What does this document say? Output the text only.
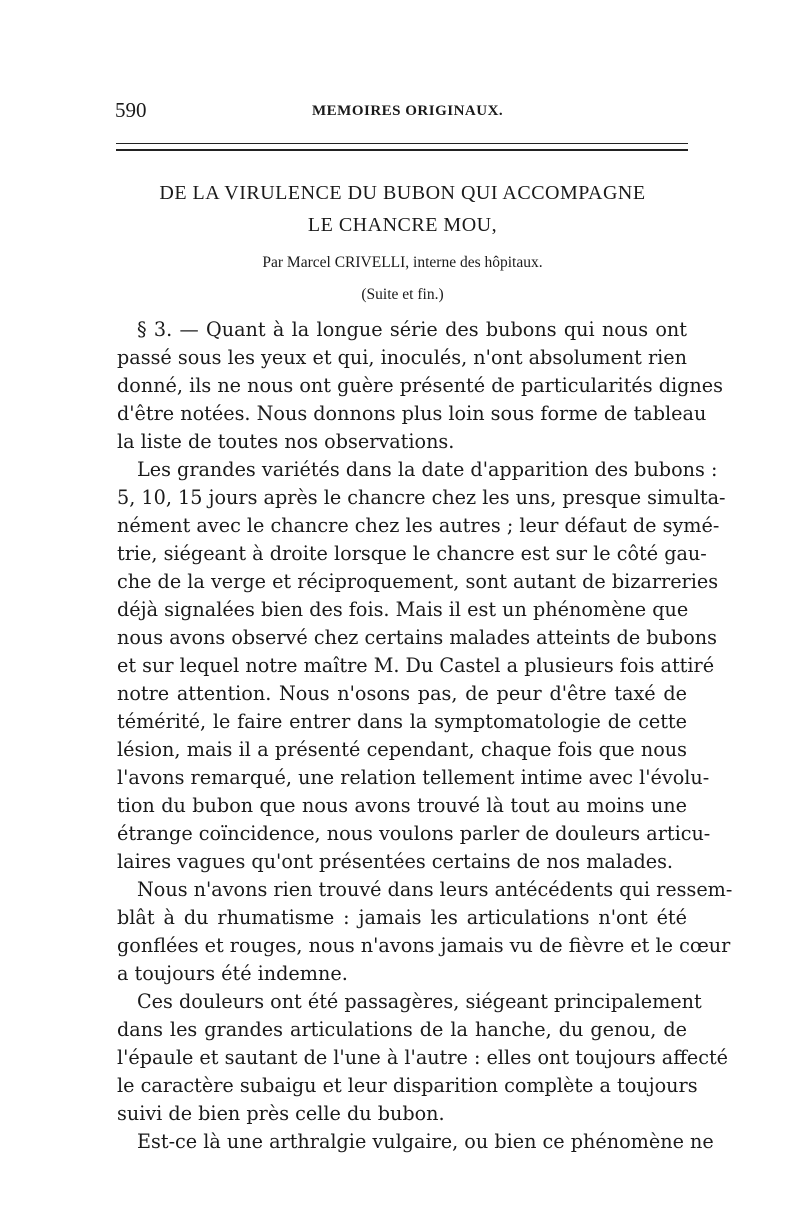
590	MEMOIRES ORIGINAUX.
DE LA VIRULENCE DU BUBON QUI ACCOMPAGNE
LE CHANCRE MOU,
Par Marcel CRIVELLI, interne des hôpitaux.
(Suite et fin.)
§ 3. — Quant à la longue série des bubons qui nous ont
passé sous les yeux et qui, inoculés, n'ont absolument rien
donné, ils ne nous ont guère présenté de particularités dignes
d'être notées. Nous donnons plus loin sous forme de tableau
la liste de toutes nos observations.
Les grandes variétés dans la date d'apparition des bubons :
5, 10, 15 jours après le chancre chez les uns, presque simulta-
nément avec le chancre chez les autres ; leur défaut de symé-
trie, siégeant à droite lorsque le chancre est sur le côté gau-
che de la verge et réciproquement, sont autant de bizarreries
déjà signalées bien des fois. Mais il est un phénomène que
nous avons observé chez certains malades atteints de bubons
et sur lequel notre maître M. Du Castel a plusieurs fois attiré
notre attention. Nous n'osons pas, de peur d'être taxé de
témérité, le faire entrer dans la symptomatologie de cette
lésion, mais il a présenté cependant, chaque fois que nous
l'avons remarqué, une relation tellement intime avec l'évolu-
tion du bubon que nous avons trouvé là tout au moins une
étrange coïncidence, nous voulons parler de douleurs articu-
laires vagues qu'ont présentées certains de nos malades.
Nous n'avons rien trouvé dans leurs antécédents qui ressem-
blât à du rhumatisme : jamais les articulations n'ont été
gonflées et rouges, nous n'avons jamais vu de fièvre et le cœur
a toujours été indemne.
Ces douleurs ont été passagères, siégeant principalement
dans les grandes articulations de la hanche, du genou, de
l'épaule et sautant de l'une à l'autre : elles ont toujours affecté
le caractère subaigu et leur disparition complète a toujours
suivi de bien près celle du bubon.
Est-ce là une arthralgie vulgaire, ou bien ce phénomène ne
